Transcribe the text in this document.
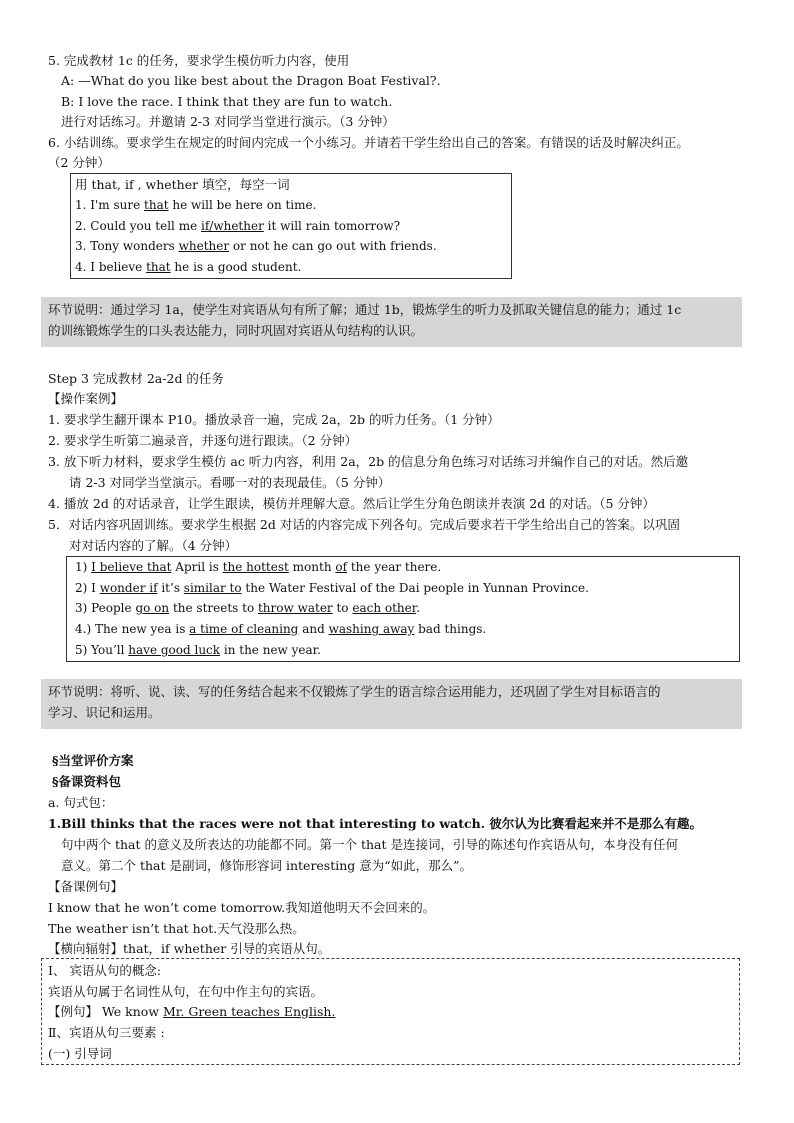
5. 完成教材 1c 的任务，要求学生模仿听力内容，使用
A: —What do you like best about the Dragon Boat Festival?.
B: I love the race. I think that they are fun to watch.
进行对话练习。并邀请 2-3 对同学当堂进行演示。（3 分钟）
6. 小结训练。要求学生在规定的时间内完成一个小练习。并请若干学生给出自己的答案。有错误的话及时解决纠正。
（2 分钟）
用 that, if , whether 填空，每空一词
1. I'm sure that he will be here on time.
2. Could you tell me if/whether it will rain tomorrow?
3. Tony wonders whether or not he can go out with friends.
4. I believe that he is a good student.
环节说明：通过学习 1a，使学生对宾语从句有所了解；通过 1b，锻炼学生的听力及抓取关键信息的能力；通过 1c
的训练锻炼学生的口头表达能力，同时巩固对宾语从句结构的认识。
Step 3 完成教材 2a-2d 的任务
【操作案例】
1. 要求学生翻开课本 P10。播放录音一遍，完成 2a，2b 的听力任务。（1 分钟）
2. 要求学生听第二遍录音，并逐句进行跟读。（2 分钟）
3. 放下听力材料，要求学生模仿 ac 听力内容，利用 2a，2b 的信息分角色练习对话练习并编作自己的对话。然后邀
请 2-3 对同学当堂演示。看哪一对的表现最佳。（5 分钟）
4. 播放 2d 的对话录音，让学生跟读，模仿并理解大意。然后让学生分角色朗读并表演 2d 的对话。（5 分钟）
5．对话内容巩固训练。要求学生根据 2d 对话的内容完成下列各句。完成后要求若干学生给出自己的答案。以巩固
对对话内容的了解。（4 分钟）
1) I believe that April is the hottest month of the year there.
2) I wonder if it’s similar to the Water Festival of the Dai people in Yunnan Province.
3) People go on the streets to throw water to each other.
4.) The new yea is a time of cleaning and washing away bad things.
5) You’ll have good luck in the new year.
环节说明：将听、说、读、写的任务结合起来不仅锻炼了学生的语言综合运用能力，还巩固了学生对目标语言的
学习、识记和运用。
§当堂评价方案
§备课资料包
a. 句式包：
1.Bill thinks that the races were not that interesting to watch. 彼尔认为比赛看起来并不是那么有趣。
句中两个 that 的意义及所表达的功能都不同。第一个 that 是连接词，引导的陈述句作宾语从句，本身没有任何
意义。第二个 that 是副词，修饰形容词 interesting 意为“如此，那么”。
【备课例句】
I know that he won’t come tomorrow.我知道他明天不会回来的。
The weather isn’t that hot.天气没那么热。
【横向辐射】that，if whether 引导的宾语从句。
Ⅰ、 宾语从句的概念:
宾语从句属于名词性从句，在句中作主句的宾语。
【例句】 We know Mr. Green teaches English.
Ⅱ、宾语从句三要素 :
(一) 引导词
